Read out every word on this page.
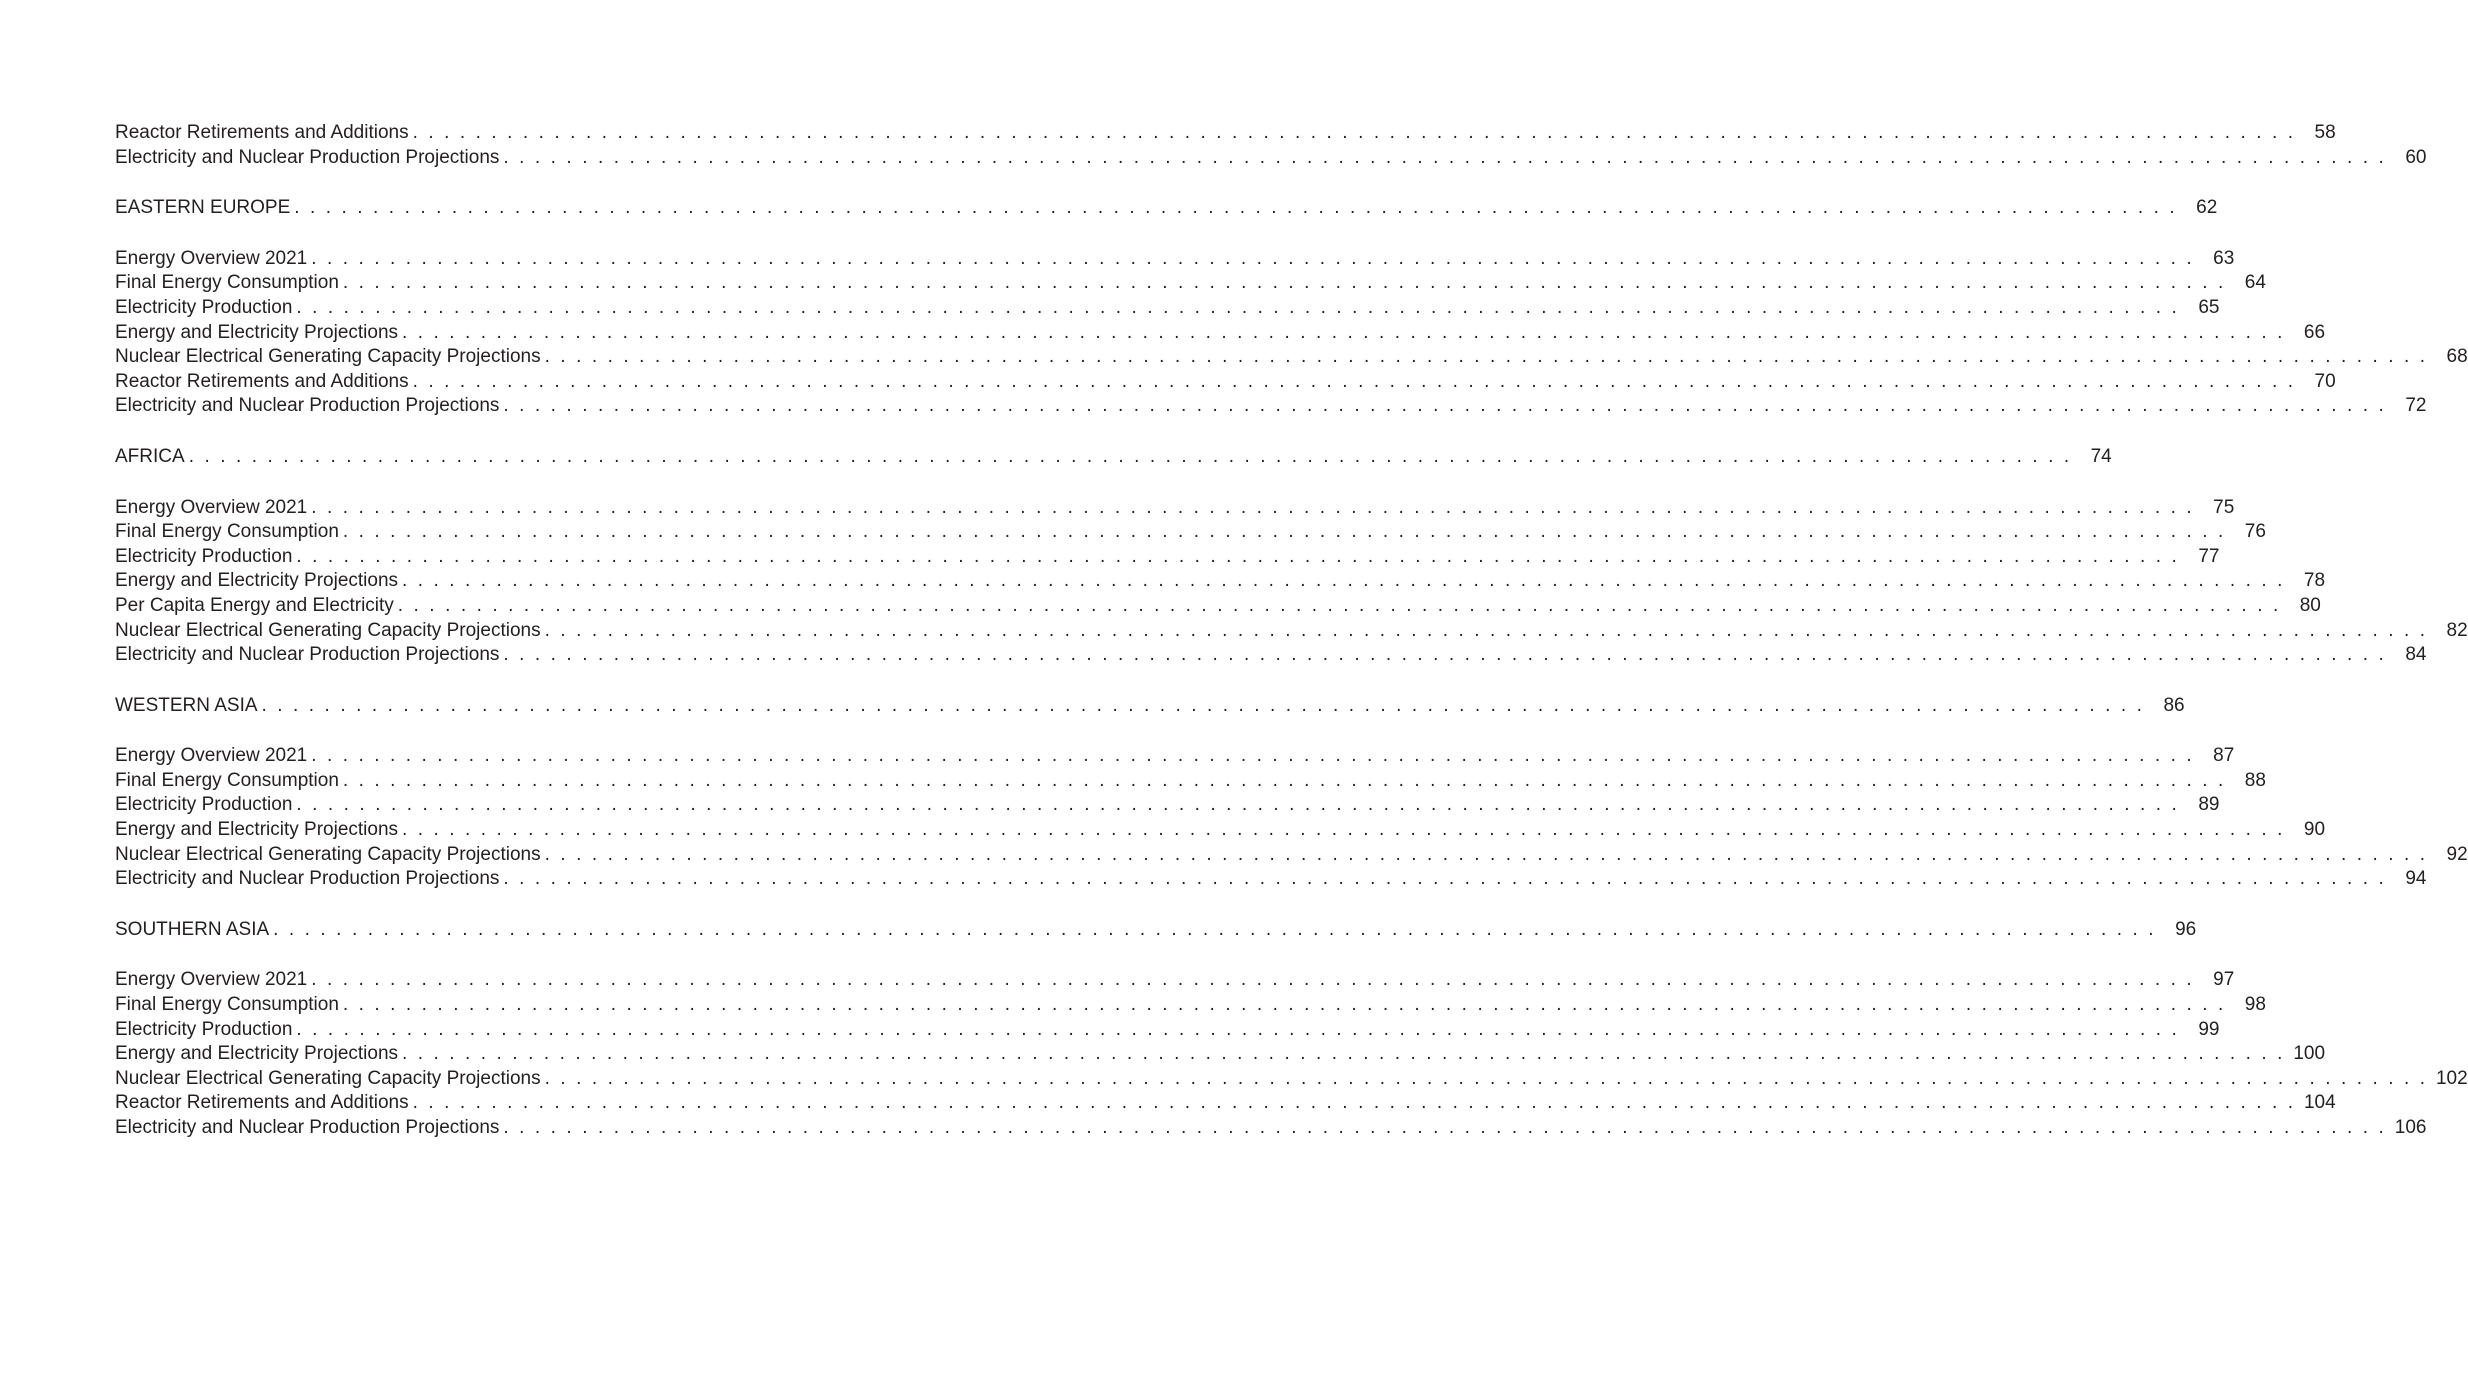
Reactor Retirements and Additions . . . . . . . . . . . . . . . . . . . . . . . . . . . . . . . . . . . . . . . . . . . . . . . . . . . . . . . . . . . . . . . . . . . . . . . . . . . . . . . . . . . . . . . . . . . . . . . . . . . . . . . . . . . . . . . . . . . . . . . . 58
Electricity and Nuclear Production Projections . . . . . . . . . . . . . . . . . . . . . . . . . . . . . . . . . . . . . . . . . . . . . . . . . . . . . . . . . . . . . . . . . . . . . . . . . . . . . . . . . . . . . . . . . . . . . . . . . . . . . . . . . . . . . . . . . . . . . . . . 60
EASTERN EUROPE . . . . . . . . . . . . . . . . . . . . . . . . . . . . . . . . . . . . . . . . . . . . . . . . . . . . . . . . . . . . . . . . . . . . . . . . . . . . . . . . . . . . . . . . . . . . . . . . . . . . . . . . . . . . . . . . . . . . . . . . 62
Energy Overview 2021 . . . . . . . . . . . . . . . . . . . . . . . . . . . . . . . . . . . . . . . . . . . . . . . . . . . . . . . . . . . . . . . . . . . . . . . . . . . . . . . . . . . . . . . . . . . . . . . . . . . . . . . . . . . . . . . . . . . . . . . . 63
Final Energy Consumption . . . . . . . . . . . . . . . . . . . . . . . . . . . . . . . . . . . . . . . . . . . . . . . . . . . . . . . . . . . . . . . . . . . . . . . . . . . . . . . . . . . . . . . . . . . . . . . . . . . . . . . . . . . . . . . . . . . . . . . . 64
Electricity Production . . . . . . . . . . . . . . . . . . . . . . . . . . . . . . . . . . . . . . . . . . . . . . . . . . . . . . . . . . . . . . . . . . . . . . . . . . . . . . . . . . . . . . . . . . . . . . . . . . . . . . . . . . . . . . . . . . . . . . . . 65
Energy and Electricity Projections . . . . . . . . . . . . . . . . . . . . . . . . . . . . . . . . . . . . . . . . . . . . . . . . . . . . . . . . . . . . . . . . . . . . . . . . . . . . . . . . . . . . . . . . . . . . . . . . . . . . . . . . . . . . . . . . . . . . . . . . 66
Nuclear Electrical Generating Capacity Projections . . . . . . . . . . . . . . . . . . . . . . . . . . . . . . . . . . . . . . . . . . . . . . . . . . . . . . . . . . . . . . . . . . . . . . . . . . . . . . . . . . . . . . . . . . . . . . . . . . . . . . . . . . . . . . . . . . . . . . . . 68
Reactor Retirements and Additions . . . . . . . . . . . . . . . . . . . . . . . . . . . . . . . . . . . . . . . . . . . . . . . . . . . . . . . . . . . . . . . . . . . . . . . . . . . . . . . . . . . . . . . . . . . . . . . . . . . . . . . . . . . . . . . . . . . . . . . . 70
Electricity and Nuclear Production Projections . . . . . . . . . . . . . . . . . . . . . . . . . . . . . . . . . . . . . . . . . . . . . . . . . . . . . . . . . . . . . . . . . . . . . . . . . . . . . . . . . . . . . . . . . . . . . . . . . . . . . . . . . . . . . . . . . . . . . . . . 72
AFRICA . . . . . . . . . . . . . . . . . . . . . . . . . . . . . . . . . . . . . . . . . . . . . . . . . . . . . . . . . . . . . . . . . . . . . . . . . . . . . . . . . . . . . . . . . . . . . . . . . . . . . . . . . . . . . . . . . . . . . . . . 74
Energy Overview 2021 . . . . . . . . . . . . . . . . . . . . . . . . . . . . . . . . . . . . . . . . . . . . . . . . . . . . . . . . . . . . . . . . . . . . . . . . . . . . . . . . . . . . . . . . . . . . . . . . . . . . . . . . . . . . . . . . . . . . . . . . 75
Final Energy Consumption . . . . . . . . . . . . . . . . . . . . . . . . . . . . . . . . . . . . . . . . . . . . . . . . . . . . . . . . . . . . . . . . . . . . . . . . . . . . . . . . . . . . . . . . . . . . . . . . . . . . . . . . . . . . . . . . . . . . . . . . 76
Electricity Production . . . . . . . . . . . . . . . . . . . . . . . . . . . . . . . . . . . . . . . . . . . . . . . . . . . . . . . . . . . . . . . . . . . . . . . . . . . . . . . . . . . . . . . . . . . . . . . . . . . . . . . . . . . . . . . . . . . . . . . . 77
Energy and Electricity Projections . . . . . . . . . . . . . . . . . . . . . . . . . . . . . . . . . . . . . . . . . . . . . . . . . . . . . . . . . . . . . . . . . . . . . . . . . . . . . . . . . . . . . . . . . . . . . . . . . . . . . . . . . . . . . . . . . . . . . . . . 78
Per Capita Energy and Electricity . . . . . . . . . . . . . . . . . . . . . . . . . . . . . . . . . . . . . . . . . . . . . . . . . . . . . . . . . . . . . . . . . . . . . . . . . . . . . . . . . . . . . . . . . . . . . . . . . . . . . . . . . . . . . . . . . . . . . . . . 80
Nuclear Electrical Generating Capacity Projections . . . . . . . . . . . . . . . . . . . . . . . . . . . . . . . . . . . . . . . . . . . . . . . . . . . . . . . . . . . . . . . . . . . . . . . . . . . . . . . . . . . . . . . . . . . . . . . . . . . . . . . . . . . . . . . . . . . . . . . . 82
Electricity and Nuclear Production Projections . . . . . . . . . . . . . . . . . . . . . . . . . . . . . . . . . . . . . . . . . . . . . . . . . . . . . . . . . . . . . . . . . . . . . . . . . . . . . . . . . . . . . . . . . . . . . . . . . . . . . . . . . . . . . . . . . . . . . . . . 84
WESTERN ASIA . . . . . . . . . . . . . . . . . . . . . . . . . . . . . . . . . . . . . . . . . . . . . . . . . . . . . . . . . . . . . . . . . . . . . . . . . . . . . . . . . . . . . . . . . . . . . . . . . . . . . . . . . . . . . . . . . . . . . . . . 86
Energy Overview 2021 . . . . . . . . . . . . . . . . . . . . . . . . . . . . . . . . . . . . . . . . . . . . . . . . . . . . . . . . . . . . . . . . . . . . . . . . . . . . . . . . . . . . . . . . . . . . . . . . . . . . . . . . . . . . . . . . . . . . . . . . 87
Final Energy Consumption . . . . . . . . . . . . . . . . . . . . . . . . . . . . . . . . . . . . . . . . . . . . . . . . . . . . . . . . . . . . . . . . . . . . . . . . . . . . . . . . . . . . . . . . . . . . . . . . . . . . . . . . . . . . . . . . . . . . . . . . 88
Electricity Production . . . . . . . . . . . . . . . . . . . . . . . . . . . . . . . . . . . . . . . . . . . . . . . . . . . . . . . . . . . . . . . . . . . . . . . . . . . . . . . . . . . . . . . . . . . . . . . . . . . . . . . . . . . . . . . . . . . . . . . . 89
Energy and Electricity Projections . . . . . . . . . . . . . . . . . . . . . . . . . . . . . . . . . . . . . . . . . . . . . . . . . . . . . . . . . . . . . . . . . . . . . . . . . . . . . . . . . . . . . . . . . . . . . . . . . . . . . . . . . . . . . . . . . . . . . . . . 90
Nuclear Electrical Generating Capacity Projections . . . . . . . . . . . . . . . . . . . . . . . . . . . . . . . . . . . . . . . . . . . . . . . . . . . . . . . . . . . . . . . . . . . . . . . . . . . . . . . . . . . . . . . . . . . . . . . . . . . . . . . . . . . . . . . . . . . . . . . . 92
Electricity and Nuclear Production Projections . . . . . . . . . . . . . . . . . . . . . . . . . . . . . . . . . . . . . . . . . . . . . . . . . . . . . . . . . . . . . . . . . . . . . . . . . . . . . . . . . . . . . . . . . . . . . . . . . . . . . . . . . . . . . . . . . . . . . . . . 94
SOUTHERN ASIA . . . . . . . . . . . . . . . . . . . . . . . . . . . . . . . . . . . . . . . . . . . . . . . . . . . . . . . . . . . . . . . . . . . . . . . . . . . . . . . . . . . . . . . . . . . . . . . . . . . . . . . . . . . . . . . . . . . . . . . . 96
Energy Overview 2021 . . . . . . . . . . . . . . . . . . . . . . . . . . . . . . . . . . . . . . . . . . . . . . . . . . . . . . . . . . . . . . . . . . . . . . . . . . . . . . . . . . . . . . . . . . . . . . . . . . . . . . . . . . . . . . . . . . . . . . . . 97
Final Energy Consumption . . . . . . . . . . . . . . . . . . . . . . . . . . . . . . . . . . . . . . . . . . . . . . . . . . . . . . . . . . . . . . . . . . . . . . . . . . . . . . . . . . . . . . . . . . . . . . . . . . . . . . . . . . . . . . . . . . . . . . . . 98
Electricity Production . . . . . . . . . . . . . . . . . . . . . . . . . . . . . . . . . . . . . . . . . . . . . . . . . . . . . . . . . . . . . . . . . . . . . . . . . . . . . . . . . . . . . . . . . . . . . . . . . . . . . . . . . . . . . . . . . . . . . . . . 99
Energy and Electricity Projections . . . . . . . . . . . . . . . . . . . . . . . . . . . . . . . . . . . . . . . . . . . . . . . . . . . . . . . . . . . . . . . . . . . . . . . . . . . . . . . . . . . . . . . . . . . . . . . . . . . . . . . . . . . . . . . . . . . . . . . . 100
Nuclear Electrical Generating Capacity Projections . . . . . . . . . . . . . . . . . . . . . . . . . . . . . . . . . . . . . . . . . . . . . . . . . . . . . . . . . . . . . . . . . . . . . . . . . . . . . . . . . . . . . . . . . . . . . . . . . . . . . . . . . . . . . . . . . . . . . . . . 102
Reactor Retirements and Additions . . . . . . . . . . . . . . . . . . . . . . . . . . . . . . . . . . . . . . . . . . . . . . . . . . . . . . . . . . . . . . . . . . . . . . . . . . . . . . . . . . . . . . . . . . . . . . . . . . . . . . . . . . . . . . . . . . . . . . . . 104
Electricity and Nuclear Production Projections . . . . . . . . . . . . . . . . . . . . . . . . . . . . . . . . . . . . . . . . . . . . . . . . . . . . . . . . . . . . . . . . . . . . . . . . . . . . . . . . . . . . . . . . . . . . . . . . . . . . . . . . . . . . . . . . . . . . . . . . 106
